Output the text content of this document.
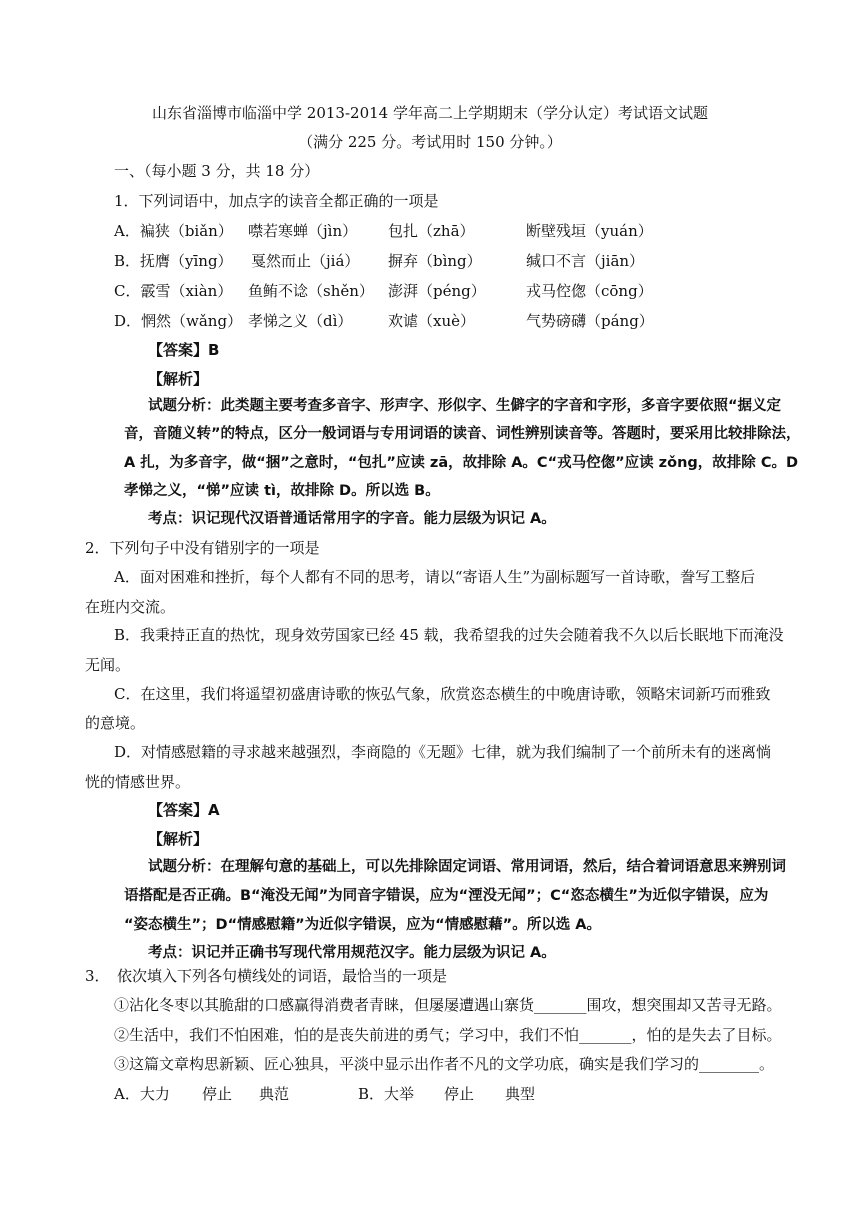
山东省淄博市临淄中学 2013-2014 学年高二上学期期末（学分认定）考试语文试题
（满分 225 分。考试用时 150 分钟。）
一、（每小题 3 分，共 18 分）
1．下列词语中，加点字的读音全都正确的一项是
A．褊狭（biǎn） 噤若寒蝉（jìn） 包扎（zhā）	断壁残垣（yuán）
B．抚膺（yīng） 戛然而止（jiá） 摒弃（bìng）	缄口不言（jiān）
C．霰雪（xiàn） 鱼鲔不谂（shěn） 澎湃（péng）	戎马倥偬（cōng）
D．惘然（wǎng） 孝悌之义（dì） 欢谑（xuè）	气势磅礴（páng）
【答案】B
【解析】
试题分析：此类题主要考查多音字、形声字、形似字、生僻字的字音和字形，多音字要依照“据义定
音，音随义转”的特点，区分一般词语与专用词语的读音、词性辨别读音等。答题时，要采用比较排除法，
A 扎，为多音字，做“捆”之意时，“包扎”应读 zā，故排除 A。C“戎马倥偬”应读 zǒng，故排除 C。D
孝悌之义，“悌”应读 tì，故排除 D。所以选 B。
考点：识记现代汉语普通话常用字的字音。能力层级为识记 A。
2．下列句子中没有错别字的一项是
A．面对困难和挫折，每个人都有不同的思考，请以“寄语人生”为副标题写一首诗歌，誊写工整后
在班内交流。
B．我秉持正直的热忱，现身效劳国家已经 45 载，我希望我的过失会随着我不久以后长眠地下而淹没
无闻。
C．在这里，我们将遥望初盛唐诗歌的恢弘气象，欣赏恣态横生的中晚唐诗歌，领略宋词新巧而雅致
的意境。
D．对情感慰籍的寻求越来越强烈，李商隐的《无题》七律，就为我们编制了一个前所未有的迷离惝
恍的情感世界。
【答案】A
【解析】
试题分析：在理解句意的基础上，可以先排除固定词语、常用词语，然后，结合着词语意思来辨别词
语搭配是否正确。B“淹没无闻”为同音字错误，应为“湮没无闻”；C“恣态横生”为近似字错误，应为
“姿态横生”；D“情感慰籍”为近似字错误，应为“情感慰藉”。所以选 A。
考点：识记并正确书写现代常用规范汉字。能力层级为识记 A。
3．　依次填入下列各句横线处的词语，最恰当的一项是
①沾化冬枣以其脆甜的口感赢得消费者青睐，但屡屡遭遇山寨货_______围攻，想突围却又苦寻无路。
②生活中，我们不怕困难，怕的是丧失前进的勇气；学习中，我们不怕_______，怕的是失去了目标。
③这篇文章构思新颖、匠心独具，平淡中显示出作者不凡的文学功底，确实是我们学习的________。
A．大力 停止 典范	B．大举 停止 典型
